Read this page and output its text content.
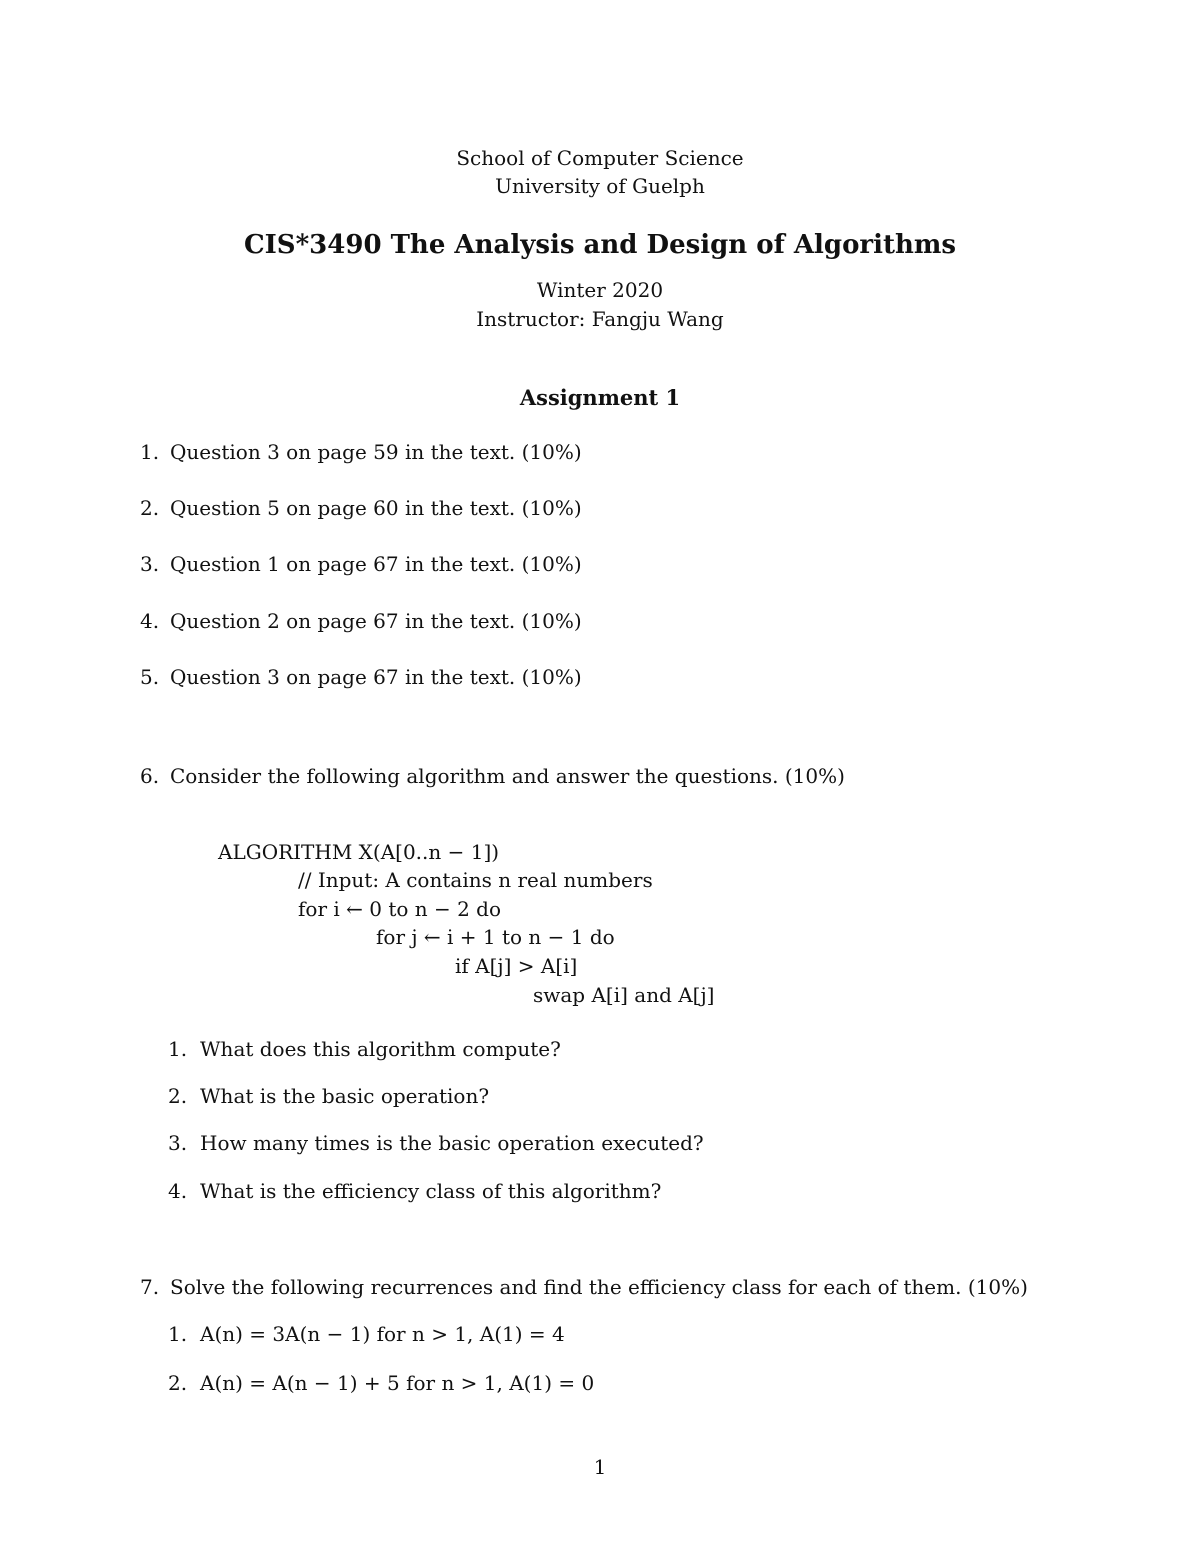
School of Computer Science
University of Guelph
CIS*3490 The Analysis and Design of Algorithms
Winter 2020
Instructor: Fangju Wang
Assignment 1
1. Question 3 on page 59 in the text. (10%)
2. Question 5 on page 60 in the text. (10%)
3. Question 1 on page 67 in the text. (10%)
4. Question 2 on page 67 in the text. (10%)
5. Question 3 on page 67 in the text. (10%)
6. Consider the following algorithm and answer the questions. (10%)
ALGORITHM X(A[0..n − 1])
// Input: A contains n real numbers
for i ← 0 to n − 2 do
for j ← i + 1 to n − 1 do
if A[j] > A[i]
swap A[i] and A[j]
1. What does this algorithm compute?
2. What is the basic operation?
3. How many times is the basic operation executed?
4. What is the efficiency class of this algorithm?
7. Solve the following recurrences and find the efficiency class for each of them. (10%)
1. A(n) = 3A(n − 1) for n > 1, A(1) = 4
2. A(n) = A(n − 1) + 5 for n > 1, A(1) = 0
1
